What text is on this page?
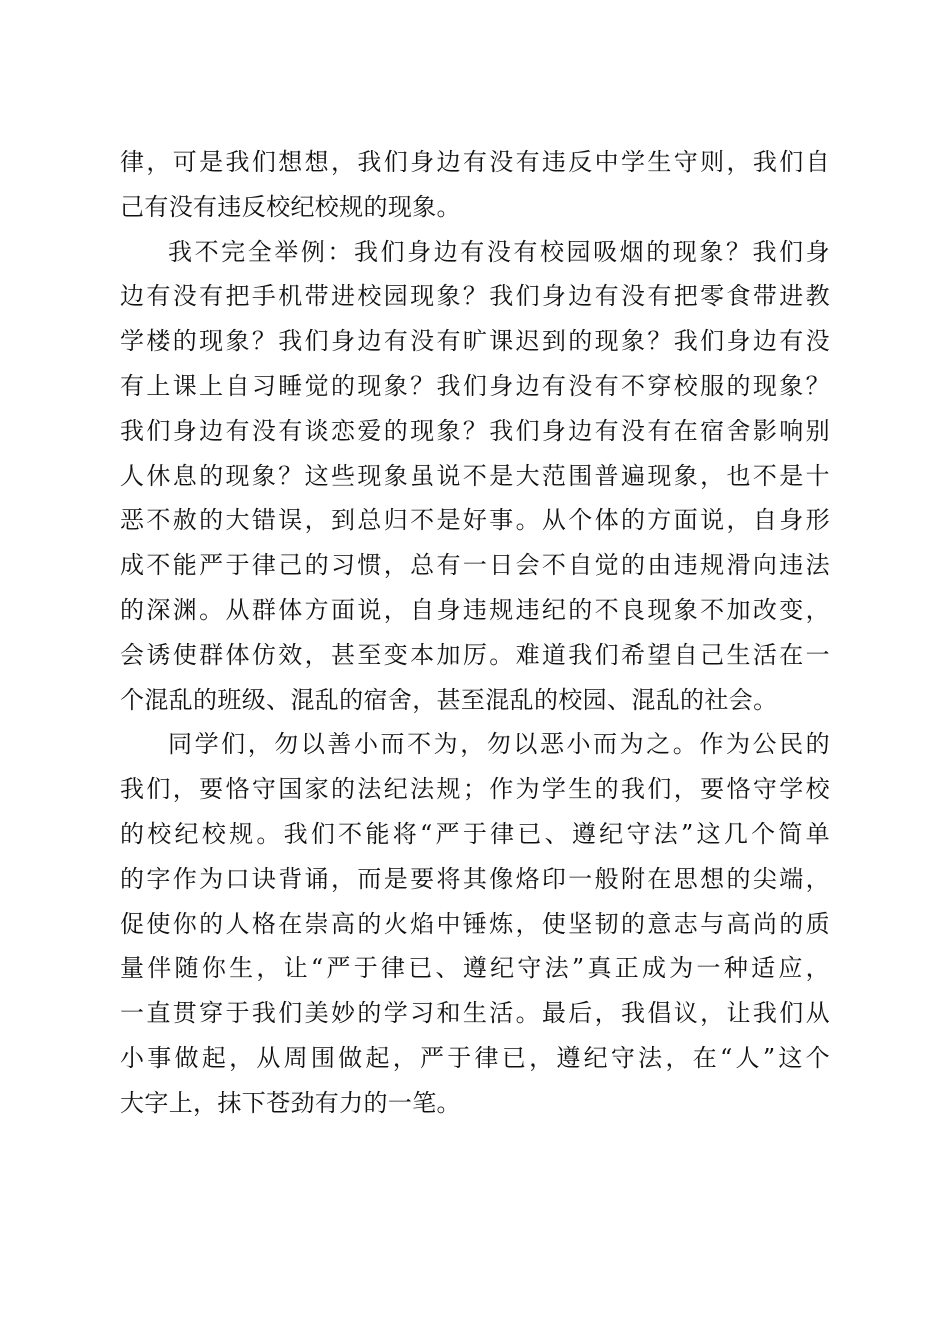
律，可是我们想想，我们身边有没有违反中学生守则，我们自
己有没有违反校纪校规的现象。
我不完全举例：我们身边有没有校园吸烟的现象？我们身
边有没有把手机带进校园现象？我们身边有没有把零食带进教
学楼的现象？我们身边有没有旷课迟到的现象？我们身边有没
有上课上自习睡觉的现象？我们身边有没有不穿校服的现象？
我们身边有没有谈恋爱的现象？我们身边有没有在宿舍影响别
人休息的现象？这些现象虽说不是大范围普遍现象，也不是十
恶不赦的大错误，到总归不是好事。从个体的方面说，自身形
成不能严于律己的习惯，总有一日会不自觉的由违规滑向违法
的深渊。从群体方面说，自身违规违纪的不良现象不加改变，
会诱使群体仿效，甚至变本加厉。难道我们希望自己生活在一
个混乱的班级、混乱的宿舍，甚至混乱的校园、混乱的社会。
同学们，勿以善小而不为，勿以恶小而为之。作为公民的
我们，要恪守国家的法纪法规；作为学生的我们，要恪守学校
的校纪校规。我们不能将“严于律已、遵纪守法”这几个简单
的字作为口诀背诵，而是要将其像烙印一般附在思想的尖端，
促使你的人格在崇高的火焰中锤炼，使坚韧的意志与高尚的质
量伴随你生，让“严于律已、遵纪守法”真正成为一种适应，
一直贯穿于我们美妙的学习和生活。最后，我倡议，让我们从
小事做起，从周围做起，严于律已，遵纪守法，在“人”这个
大字上，抹下苍劲有力的一笔。
